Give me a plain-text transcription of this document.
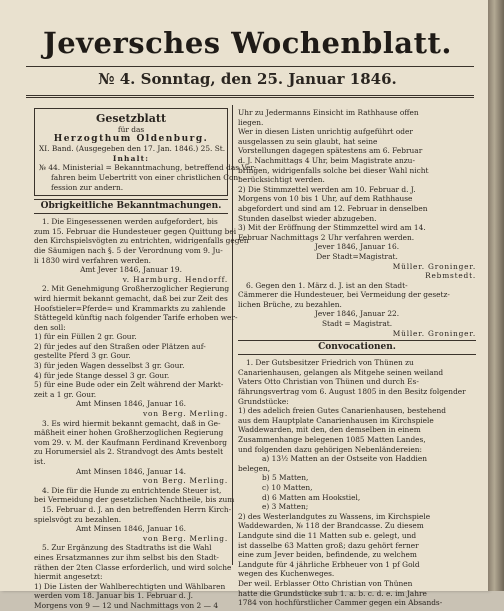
Jeversches Wochenblatt.
№ 4. Sonntag, den 25. Januar 1846.
Gesetzblatt
für das
Herzogthum Oldenburg.

XI. Band. (Ausgegeben den 17. Jan. 1846.) 25. St.

Inhalt:

№ 44. Ministerial = Bekanntmachung, betreffend das Ver-

fahren beim Uebertritt von einer christlichen Con-

fession zur andern.

Obrigkeitliche Bekanntmachungen.

1. Die Eingesessenen werden aufgefordert, bis

zum 15. Februar die Hundesteuer gegen Quittung bei

den Kirchspielsvögten zu entrichten, widrigenfalls gegen

die Säumigen nach §. 5 der Verordnung vom 9. Ju-

li 1830 wird verfahren werden.

Amt Jever 1846, Januar 19.

v. Harmburg. Hendorff.

2. Mit Genehmigung Großherzoglicher Regierung

wird hiermit bekannt gemacht, daß bei zur Zeit des

Hoofstieler=Pferde= und Krammarkts zu zahlende

Stättegeld künftig nach folgender Tarife erhoben wer-

den soll:

1) für ein Füllen 2 gr. Gour.

2) für jedes auf den Straßen oder Plätzen auf-

gestellte Pferd 3 gr. Gour.

3) für jeden Wagen desselbst 3 gr. Gour.

4) für jede Stange dessel 3 gr. Gour.

5) für eine Bude oder ein Zelt während der Markt-

zeit a 1 gr. Gour.

Amt Minsen 1846, Januar 16.

von Berg. Merling.

3. Es wird hiermit bekannt gemacht, daß in Ge-

mäßheit einer hohen Großherzoglichen Regierung

vom 29. v. M. der Kaufmann Ferdinand Krevenborg

zu Horumersiel als 2. Strandvogt des Amts bestelt

ist.

Amt Minsen 1846, Januar 14.

von Berg. Merling.

4. Die für die Hunde zu entrichtende Steuer ist,

bei Vermeidung der gesetzlichen Nachtheile, bis zum

15. Februar d. J. an den betreffenden Herrn Kirch-

spielsvögt zu bezahlen.

Amt Minsen 1846, Januar 16.

von Berg. Merling.

5. Zur Ergänzung des Stadtraths ist die Wahl

eines Ersatzmannes zur ihm selbst bis den Stadt-

räthen der 2ten Classe erforderlich, und wird solche

hiermit angesetzt:

1) Die Listen der Wahlberechtigten und Wählbaren

werden vom 18. Januar bis 1. Februar d. J.

Morgens von 9 — 12 und Nachmittags von 2 — 4

Uhr zu Jedermanns Einsicht im Rathhause offen

liegen.

Wer in diesen Listen unrichtig aufgeführt oder

ausgelassen zu sein glaubt, hat seine

Vorstellungen dagegen spätestens am 6. Februar

d. J. Nachmittags 4 Uhr, beim Magistrate anzu-

bringen, widrigenfalls solche bei dieser Wahl nicht

berücksichtigt werden.

2) Die Stimmzettel werden am 10. Februar d. J.

Morgens von 10 bis 1 Uhr, auf dem Rathhause

abgefordert und sind am 12. Februar in denselben

Stunden daselbst wieder abzugeben.

3) Mit der Eröffnung der Stimmzettel wird am 14.

Februar Nachmittags 2 Uhr verfahren werden.

Jever 1846, Januar 16.

Der Stadt=Magistrat.

Müller. Groninger.

Rebmstedt.

6. Gegen den 1. März d. J. ist an den Stadt-

Cämmerer die Hundesteuer, bei Vermeidung der gesetz-

lichen Brüche, zu bezahlen.

Jever 1846, Januar 22.

Stadt = Magistrat.

Müller. Groninger.

Convocationen.

1. Der Gutsbesitzer Friedrich von Thünen zu

Canarienhausen, gelangen als Mitgehe seinen weiland

Vaters Otto Christian von Thünen und durch Es-

fährungsvertrag vom 6. August 1805 in den Besitz folgender

Grundstücke:

1) des adelich freien Gutes Canarienhausen, bestehend

aus dem Hauptplate Canarienhausen im Kirchspiele

Waddewarden, mit den, den demselben in einem

Zusammenhange belegenen 1085 Matten Landes,

und folgenden dazu gehörigen Nebenländereien:

a) 13½ Matten an der Ostseite von Haddien

belegen,

b) 5 Matten,

c) 10 Matten,

d) 6 Matten am Hookstiel,

e) 3 Matten;

2) des Westerlandgutes zu Wassens, im Kirchspiele

Waddewarden, № 118 der Brandcasse. Zu diesem

Landgute sind die 11 Matten sub e. gelegt, und

ist dasselbe 63 Matten groß; dazu gehört ferner

eine zum Jever beiden, befindende, zu welchem

Landgute für 4 jährliche Erbheuer von 1 pf Gold

wegen des Kuchenweges.

Der weil. Erblasser Otto Christian von Thünen

hatte die Grundstücke sub 1. a. b. c. d. e. im Jahre

1784 von hochfürstlicher Cammer gegen ein Absands-
